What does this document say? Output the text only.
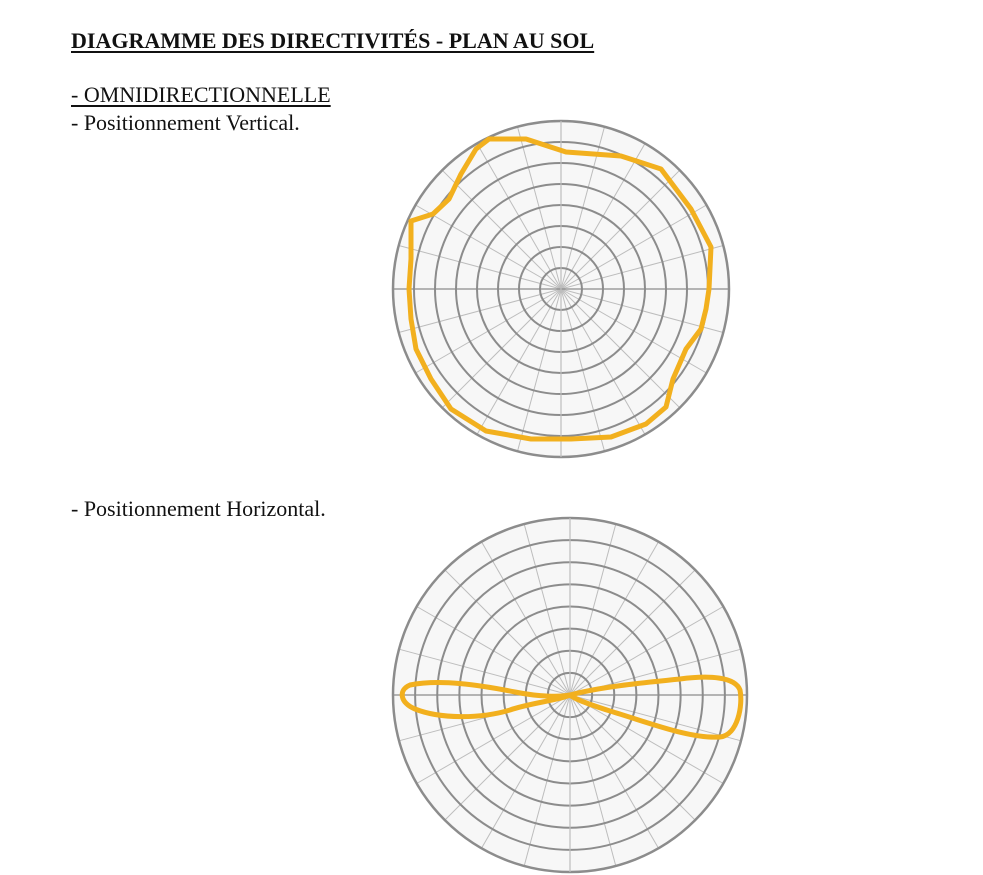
DIAGRAMME DES DIRECTIVITÉS - PLAN AU SOL
- OMNIDIRECTIONNELLE
- Positionnement Vertical.
- Positionnement Horizontal.
